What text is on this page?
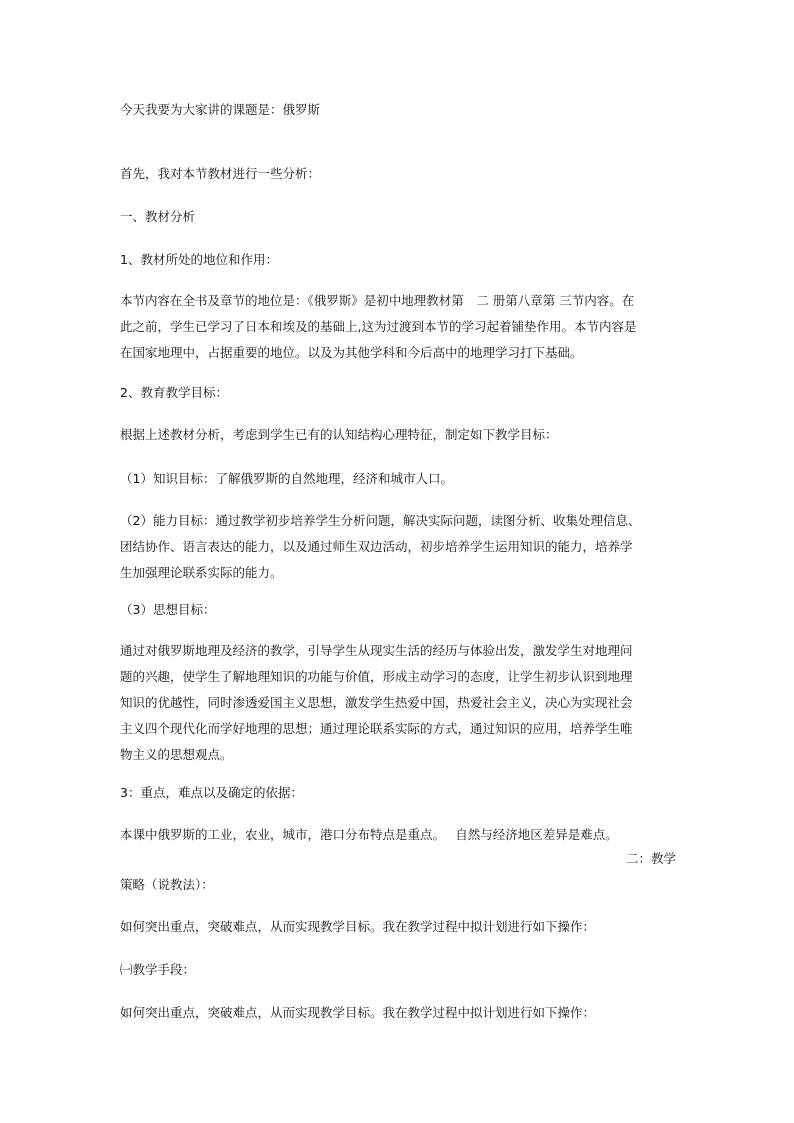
今天我要为大家讲的课题是：俄罗斯
首先，我对本节教材进行一些分析：
一、教材分析
1、教材所处的地位和作用：
本节内容在全书及章节的地位是：《俄罗斯》是初中地理教材第　二 册第八章第 三节内容。在
此之前，学生已学习了日本和埃及的基础上,这为过渡到本节的学习起着铺垫作用。本节内容是
在国家地理中，占据重要的地位。以及为其他学科和今后高中的地理学习打下基础。
2、教育教学目标：
根据上述教材分析，考虑到学生已有的认知结构心理特征，制定如下教学目标：
（1）知识目标：了解俄罗斯的自然地理，经济和城市人口。
（2）能力目标：通过教学初步培养学生分析问题，解决实际问题，读图分析、收集处理信息、
团结协作、语言表达的能力，以及通过师生双边活动，初步培养学生运用知识的能力，培养学
生加强理论联系实际的能力。
（3）思想目标：
通过对俄罗斯地理及经济的教学，引导学生从现实生活的经历与体验出发，激发学生对地理问
题的兴趣，使学生了解地理知识的功能与价值，形成主动学习的态度，让学生初步认识到地理
知识的优越性，同时渗透爱国主义思想，激发学生热爱中国，热爱社会主义，决心为实现社会
主义四个现代化而学好地理的思想；通过理论联系实际的方式，通过知识的应用，培养学生唯
物主义的思想观点。
3：重点，难点以及确定的依据：
本课中俄罗斯的工业，农业，城市，港口分布特点是重点。　 自然与经济地区差异是难点。
二：教学
策略（说教法）：
如何突出重点，突破难点，从而实现教学目标。我在教学过程中拟计划进行如下操作：
㈠教学手段：
如何突出重点，突破难点，从而实现教学目标。我在教学过程中拟计划进行如下操作：
